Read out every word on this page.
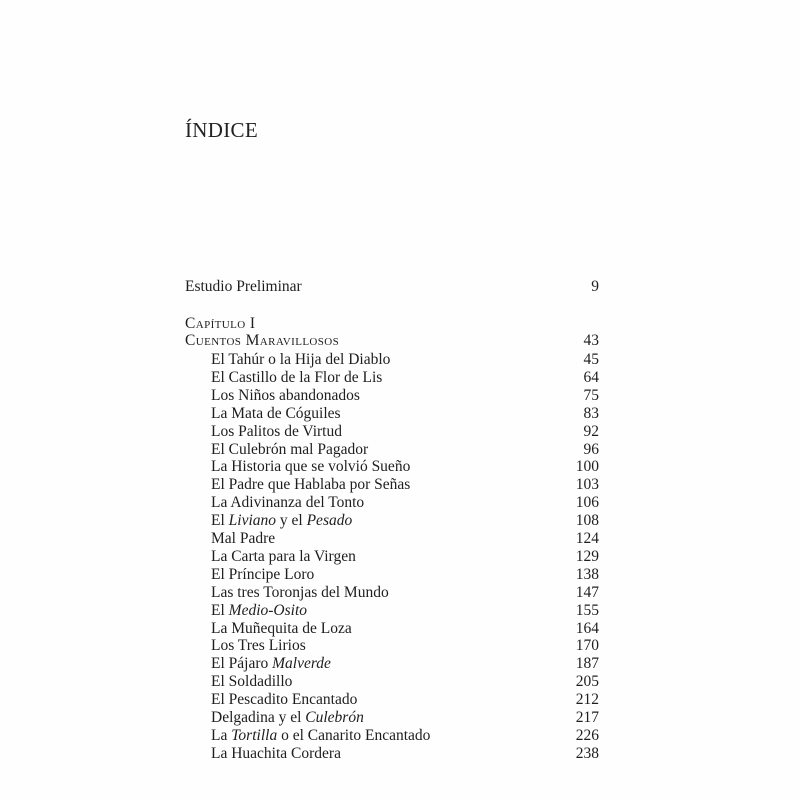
ÍNDICE
Estudio Preliminar	9
Capítulo I
Cuentos Maravillosos	43
El Tahúr o la Hija del Diablo	45
El Castillo de la Flor de Lis	64
Los Niños abandonados	75
La Mata de Cóguiles	83
Los Palitos de Virtud	92
El Culebrón mal Pagador	96
La Historia que se volvió Sueño	100
El Padre que Hablaba por Señas	103
La Adivinanza del Tonto	106
El Liviano y el Pesado	108
Mal Padre	124
La Carta para la Virgen	129
El Príncipe Loro	138
Las tres Toronjas del Mundo	147
El Medio-Osito	155
La Muñequita de Loza	164
Los Tres Lirios	170
El Pájaro Malverde	187
El Soldadillo	205
El Pescadito Encantado	212
Delgadina y el Culebrón	217
La Tortilla o el Canarito Encantado	226
La Huachita Cordera	238
